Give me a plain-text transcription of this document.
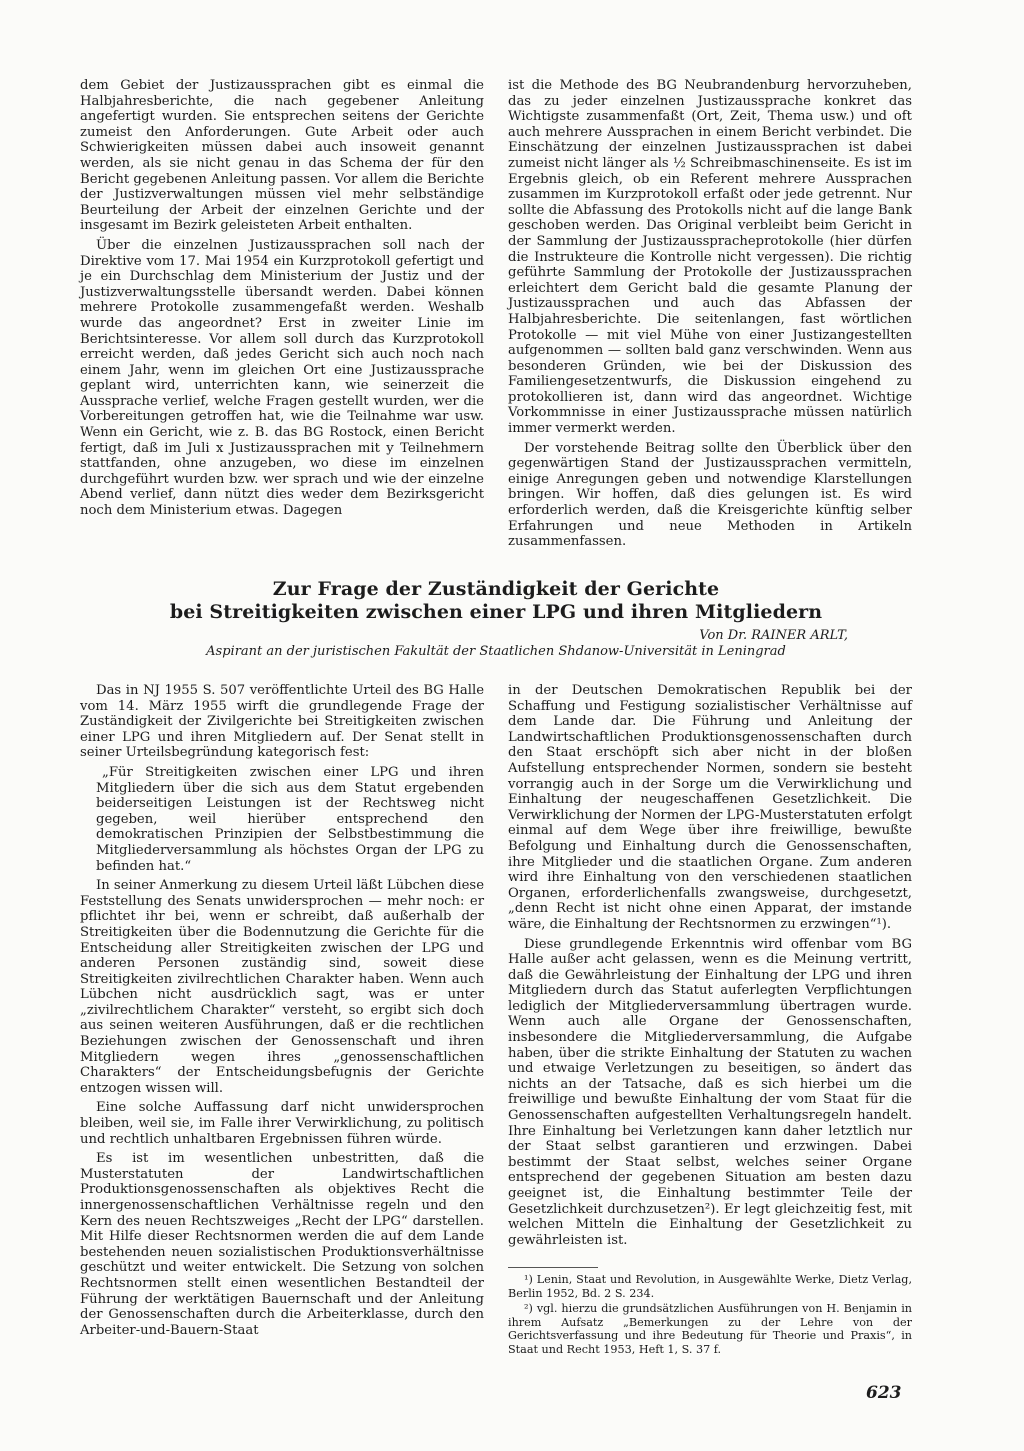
dem Gebiet der Justizaussprachen gibt es einmal die Halbjahresberichte, die nach gegebener Anleitung angefertigt wurden. Sie entsprechen seitens der Gerichte zumeist den Anforderungen. Gute Arbeit oder auch Schwierigkeiten müssen dabei auch insoweit genannt werden, als sie nicht genau in das Schema der für den Bericht gegebenen Anleitung passen. Vor allem die Berichte der Justizverwaltungen müssen viel mehr selbständige Beurteilung der Arbeit der einzelnen Gerichte und der insgesamt im Bezirk geleisteten Arbeit enthalten.

Über die einzelnen Justizaussprachen soll nach der Direktive vom 17. Mai 1954 ein Kurzprotokoll gefertigt und je ein Durchschlag dem Ministerium der Justiz und der Justizverwaltungsstelle übersandt werden. Dabei können mehrere Protokolle zusammengefaßt werden. Weshalb wurde das angeordnet? Erst in zweiter Linie im Berichtsinteresse. Vor allem soll durch das Kurzprotokoll erreicht werden, daß jedes Gericht sich auch noch nach einem Jahr, wenn im gleichen Ort eine Justizaussprache geplant wird, unterrichten kann, wie seinerzeit die Aussprache verlief, welche Fragen gestellt wurden, wer die Vorbereitungen getroffen hat, wie die Teilnahme war usw. Wenn ein Gericht, wie z. B. das BG Rostock, einen Bericht fertigt, daß im Juli x Justizaussprachen mit y Teilnehmern stattfanden, ohne anzugeben, wo diese im einzelnen durchgeführt wurden bzw. wer sprach und wie der einzelne Abend verlief, dann nützt dies weder dem Bezirksgericht noch dem Ministerium etwas. Dagegen

ist die Methode des BG Neubrandenburg hervorzuheben, das zu jeder einzelnen Justizaussprache konkret das Wichtigste zusammenfaßt (Ort, Zeit, Thema usw.) und oft auch mehrere Aussprachen in einem Bericht verbindet. Die Einschätzung der einzelnen Justizaussprachen ist dabei zumeist nicht länger als ½ Schreibmaschinenseite. Es ist im Ergebnis gleich, ob ein Referent mehrere Aussprachen zusammen im Kurzprotokoll erfaßt oder jede getrennt. Nur sollte die Abfassung des Protokolls nicht auf die lange Bank geschoben werden. Das Original verbleibt beim Gericht in der Sammlung der Justizausspracheprotokolle (hier dürfen die Instrukteure die Kontrolle nicht vergessen). Die richtig geführte Sammlung der Protokolle der Justizaussprachen erleichtert dem Gericht bald die gesamte Planung der Justizaussprachen und auch das Abfassen der Halbjahresberichte. Die seitenlangen, fast wörtlichen Protokolle — mit viel Mühe von einer Justizangestellten aufgenommen — sollten bald ganz verschwinden. Wenn aus besonderen Gründen, wie bei der Diskussion des Familiengesetzentwurfs, die Diskussion eingehend zu protokollieren ist, dann wird das angeordnet. Wichtige Vorkommnisse in einer Justizaussprache müssen natürlich immer vermerkt werden.

Der vorstehende Beitrag sollte den Überblick über den gegenwärtigen Stand der Justizaussprachen vermitteln, einige Anregungen geben und notwendige Klarstellungen bringen. Wir hoffen, daß dies gelungen ist. Es wird erforderlich werden, daß die Kreisgerichte künftig selber Erfahrungen und neue Methoden in Artikeln zusammenfassen.

Zur Frage der Zuständigkeit der Gerichte
bei Streitigkeiten zwischen einer LPG und ihren Mitgliedern
Von Dr. RAINER ARLT,
Aspirant an der juristischen Fakultät der Staatlichen Shdanow-Universität in Leningrad

Das in NJ 1955 S. 507 veröffentlichte Urteil des BG Halle vom 14. März 1955 wirft die grundlegende Frage der Zuständigkeit der Zivilgerichte bei Streitigkeiten zwischen einer LPG und ihren Mitgliedern auf. Der Senat stellt in seiner Urteilsbegründung kategorisch fest:

„Für Streitigkeiten zwischen einer LPG und ihren Mitgliedern über die sich aus dem Statut ergebenden beiderseitigen Leistungen ist der Rechtsweg nicht gegeben, weil hierüber entsprechend den demokratischen Prinzipien der Selbstbestimmung die Mitgliederversammlung als höchstes Organ der LPG zu befinden hat.“

In seiner Anmerkung zu diesem Urteil läßt Lübchen diese Feststellung des Senats unwidersprochen — mehr noch: er pflichtet ihr bei, wenn er schreibt, daß außerhalb der Streitigkeiten über die Bodennutzung die Gerichte für die Entscheidung aller Streitigkeiten zwischen der LPG und anderen Personen zuständig sind, soweit diese Streitigkeiten zivilrechtlichen Charakter haben. Wenn auch Lübchen nicht ausdrücklich sagt, was er unter „zivilrechtlichem Charakter“ versteht, so ergibt sich doch aus seinen weiteren Ausführungen, daß er die rechtlichen Beziehungen zwischen der Genossenschaft und ihren Mitgliedern wegen ihres „genossenschaftlichen Charakters“ der Entscheidungsbefugnis der Gerichte entzogen wissen will.

Eine solche Auffassung darf nicht unwidersprochen bleiben, weil sie, im Falle ihrer Verwirklichung, zu politisch und rechtlich unhaltbaren Ergebnissen führen würde.

Es ist im wesentlichen unbestritten, daß die Musterstatuten der Landwirtschaftlichen Produktionsgenossenschaften als objektives Recht die innergenossenschaftlichen Verhältnisse regeln und den Kern des neuen Rechtszweiges „Recht der LPG“ darstellen. Mit Hilfe dieser Rechtsnormen werden die auf dem Lande bestehenden neuen sozialistischen Produktionsverhältnisse geschützt und weiter entwickelt. Die Setzung von solchen Rechtsnormen stellt einen wesentlichen Bestandteil der Führung der werktätigen Bauernschaft und der Anleitung der Genossenschaften durch die Arbeiterklasse, durch den Arbeiter-und-Bauern-Staat

in der Deutschen Demokratischen Republik bei der Schaffung und Festigung sozialistischer Verhältnisse auf dem Lande dar. Die Führung und Anleitung der Landwirtschaftlichen Produktionsgenossenschaften durch den Staat erschöpft sich aber nicht in der bloßen Aufstellung entsprechender Normen, sondern sie besteht vorrangig auch in der Sorge um die Verwirklichung und Einhaltung der neugeschaffenen Gesetzlichkeit. Die Verwirklichung der Normen der LPG-Musterstatuten erfolgt einmal auf dem Wege über ihre freiwillige, bewußte Befolgung und Einhaltung durch die Genossenschaften, ihre Mitglieder und die staatlichen Organe. Zum anderen wird ihre Einhaltung von den verschiedenen staatlichen Organen, erforderlichenfalls zwangsweise, durchgesetzt, „denn Recht ist nicht ohne einen Apparat, der imstande wäre, die Einhaltung der Rechtsnormen zu erzwingen“¹).

Diese grundlegende Erkenntnis wird offenbar vom BG Halle außer acht gelassen, wenn es die Meinung vertritt, daß die Gewährleistung der Einhaltung der LPG und ihren Mitgliedern durch das Statut auferlegten Verpflichtungen lediglich der Mitgliederversammlung übertragen wurde. Wenn auch alle Organe der Genossenschaften, insbesondere die Mitgliederversammlung, die Aufgabe haben, über die strikte Einhaltung der Statuten zu wachen und etwaige Verletzungen zu beseitigen, so ändert das nichts an der Tatsache, daß es sich hierbei um die freiwillige und bewußte Einhaltung der vom Staat für die Genossenschaften aufgestellten Verhaltungsregeln handelt. Ihre Einhaltung bei Verletzungen kann daher letztlich nur der Staat selbst garantieren und erzwingen. Dabei bestimmt der Staat selbst, welches seiner Organe entsprechend der gegebenen Situation am besten dazu geeignet ist, die Einhaltung bestimmter Teile der Gesetzlichkeit durchzusetzen²). Er legt gleichzeitig fest, mit welchen Mitteln die Einhaltung der Gesetzlichkeit zu gewährleisten ist.

¹) Lenin, Staat und Revolution, in Ausgewählte Werke, Dietz Verlag, Berlin 1952, Bd. 2 S. 234.

²) vgl. hierzu die grundsätzlichen Ausführungen von H. Benjamin in ihrem Aufsatz „Bemerkungen zu der Lehre von der Gerichtsverfassung und ihre Bedeutung für Theorie und Praxis“, in Staat und Recht 1953, Heft 1, S. 37 f.

623
